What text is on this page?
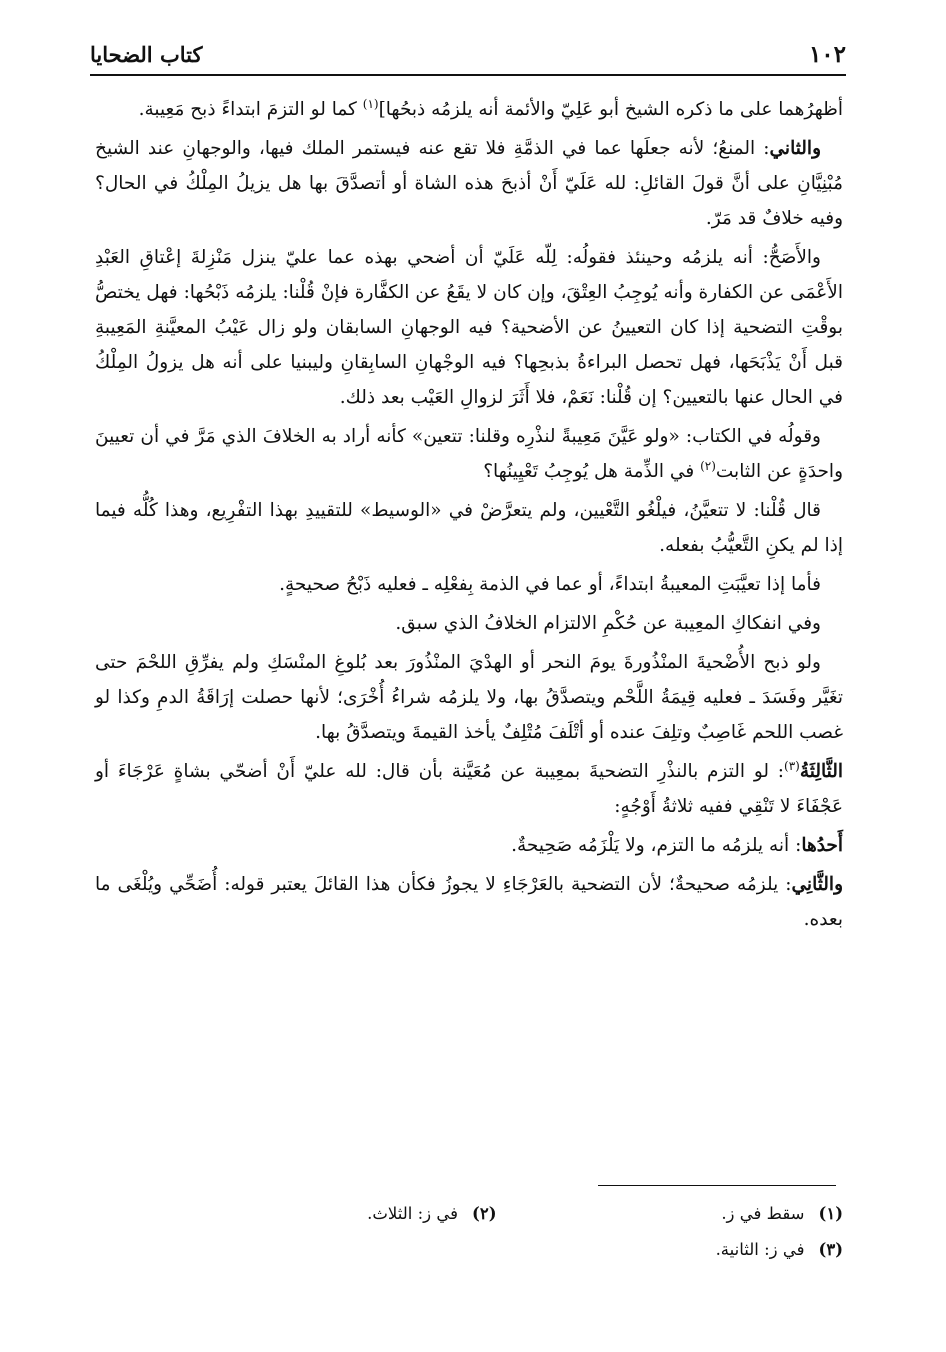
١٠٢
كتاب الضحايا

أظهرُهما على ما ذكره الشيخ أبو عَلِيّ والأئمة أنه يلزمُه ذبحُها]$^{(١)}$ كما لو التزمَ ابتداءً ذبح مَعِيبة.

والثاني: المنعُ؛ لأنه جعلَها عما في الذمَّةِ فلا تقع عنه فيستمر الملك فيها، والوجهانِ عند الشيخ مُبْنِيَّانِ على أنَّ قولَ القائلِ: لله عَلَيّ أَنْ أذبحَ هذه الشاة أو أتصدَّقَ بها هل يزيلُ المِلْكُ في الحال؟ وفيه خلافٌ قد مَرّ.

والأَصَحُّ: أنه يلزمُه وحينئذ فقولُه: لِلّه عَلَيّ أن أضحي بهذه عما عليّ ينزل مَنْزِلةَ إعْتاقِ العَبْدِ الأَعْمَى عن الكفارة وأنه يُوجِبُ العِتْقَ، وإن كان لا يقَعُ عن الكفَّارة فإنْ قُلْنا: يلزمُه ذَبْحُها: فهل يختصُّ بوقْتِ التضحية إذا كان التعيينُ عن الأضحية؟ فيه الوجهانِ السابقان ولو زال عَيْبُ المعيَّنةِ المَعِيبةِ قبل أَنْ يَذْبَحَها، فهل تحصل البراءةُ بذبحِها؟ فيه الوجْهانِ السابِقانِ وليبنيا على أنه هل يزولُ المِلْكُ في الحال عنها بالتعيين؟ إن قُلْنا: نَعَمْ، فلا أَثَرَ لزوالِ العَيْب بعد ذلك.

وقولُه في الكتاب: «ولو عَيَّنَ مَعِيبةً لنذْرِه وقلنا: تتعين» كأنه أراد به الخلافَ الذي مَرَّ في أن تعيينَ واحدَةٍ عن الثابت$^{(٢)}$ في الذِّمة هل يُوجِبُ تَعْيِينُها؟

قال قُلْنا: لا تتعيَّنُ، فيلْغُو التَّعْيين، ولم يتعرَّضْ في «الوسيط» للتقييدِ بهذا التفْرِيع، وهذا كُلُّه فيما إذا لم يكنِ التَّعيُّبُ بفعله.

فأما إذا تعيَّبَتِ المعيبةُ ابتداءً، أو عما في الذمة بِفعْلِه ـ فعليه ذَبْحُ صحيحةٍ.

وفي انفكاكِ المعِيبة عن حُكْمِ الالتزام الخلافُ الذي سبق.

ولو ذبح الأُضْحيةَ المنْذُورةَ يومَ النحر أو الهدْيَ المنْذُورَ بعد بُلوغِ المنْسَكِ ولم يفرِّقِ اللحْمَ حتى تغَيَّر وفَسَدَ ـ فعليه قِيمَةُ اللَّحْم ويتصدَّقُ بها، ولا يلزمُه شراءُ أُخْرَى؛ لأنها حصلت إرَاقَةُ الدمِ وكذا لو غصب اللحم غَاصِبٌ وتلِفَ عنده أو أتْلَفَ مُتْلِفٌ يأخذ القيمةَ ويتصدَّقُ بها.

الثَّالِثَةُ$^{(٣)}$: لو التزم بالنذْرِ التضحيةَ بمعِيبة عن مُعَيَّنة بأن قال: لله عليّ أَنْ أضحّي بشاةٍ عَرْجَاءَ أو عَجْفَاءَ لا تَنْقِي ففيه ثلاثةُ أَوْجُهٍ:

أَحدُها: أنه يلزمُه ما التزم، ولا يَلْزَمُه صَحِيحةٌ.

والثَّانِي: يلزمُه صحيحةٌ؛ لأن التضحية بالعَرْجَاءِ لا يجوزُ فكأن هذا القائلَ يعتبر قوله: أُضَحِّي ويُلْغَى ما بعده.

(١)سقط في ز.
(٢)في ز: الثلاث.
(٣)في ز: الثانية.
